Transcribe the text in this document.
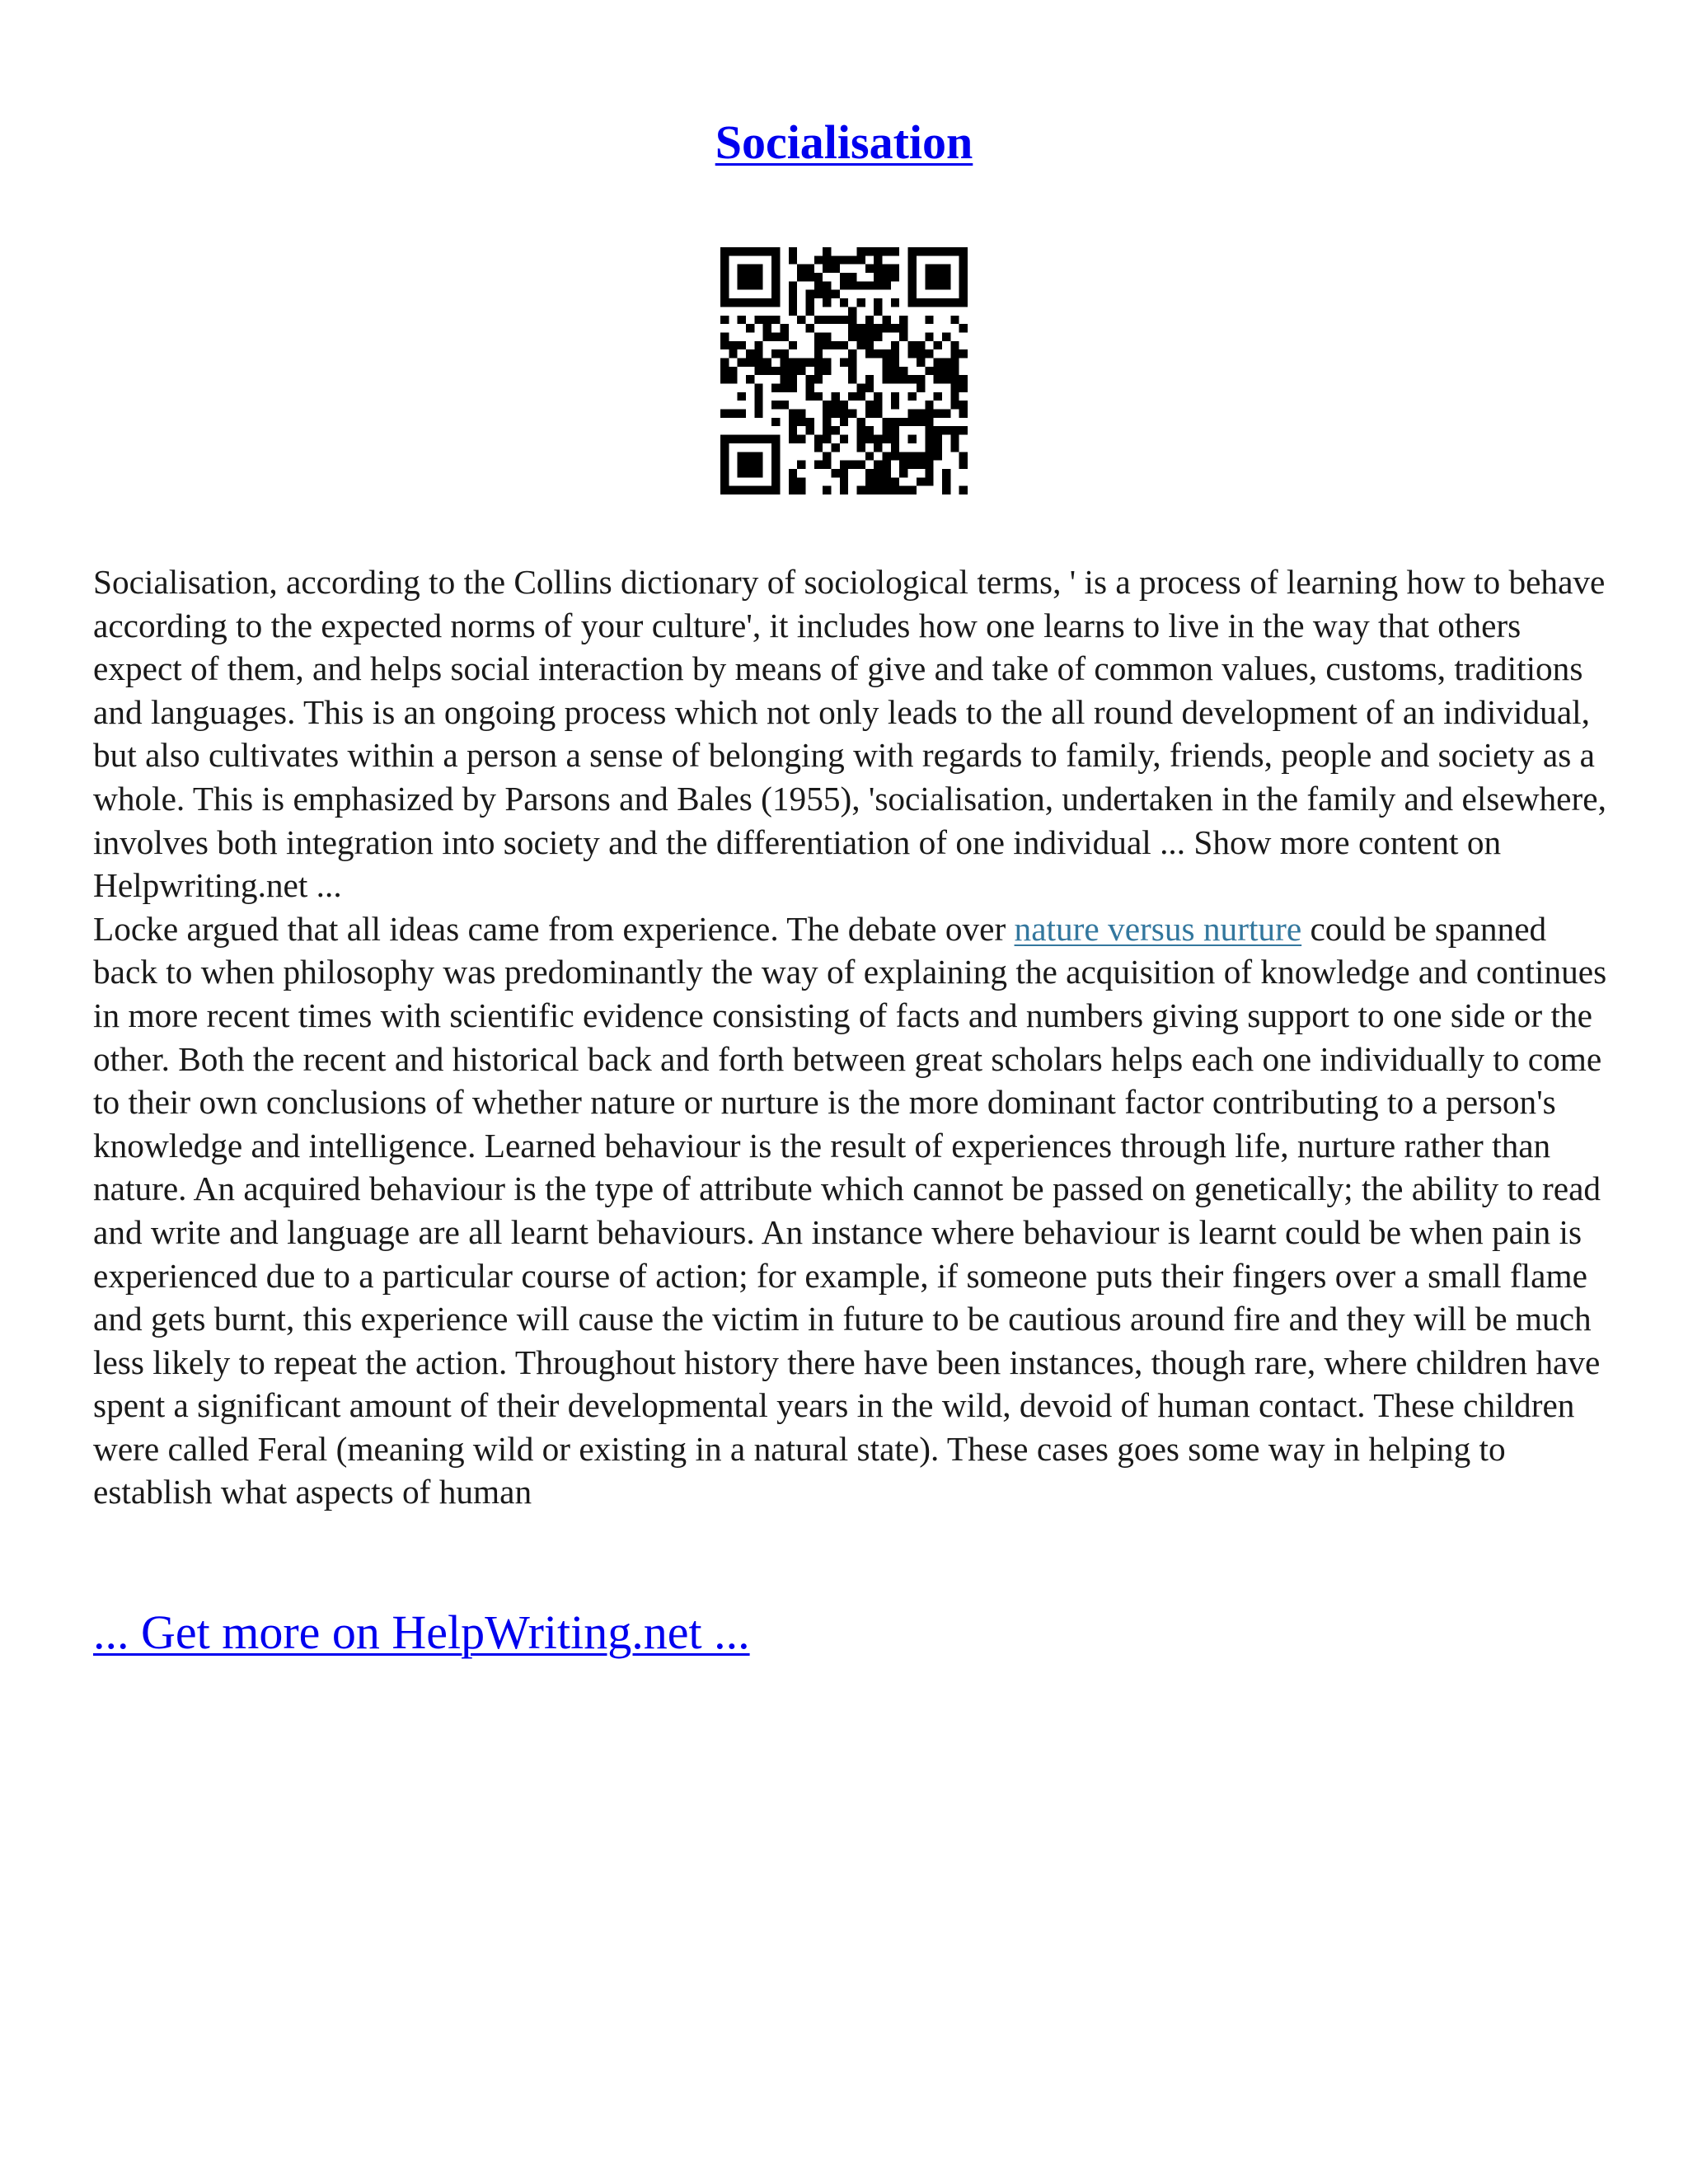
Socialisation

Socialisation, according to the Collins dictionary of sociological terms, ' is a process of learning how to behave according to the expected norms of your culture', it includes how one learns to live in the way that others expect of them, and helps social interaction by means of give and take of common values, customs, traditions and languages. This is an ongoing process which not only leads to the all round development of an individual, but also cultivates within a person a sense of belonging with regards to family, friends, people and society as a whole. This is emphasized by Parsons and Bales (1955), 'socialisation, undertaken in the family and elsewhere, involves both integration into society and the differentiation of one individual ... Show more content on Helpwriting.net ...

Locke argued that all ideas came from experience. The debate over nature versus nurture could be spanned back to when philosophy was predominantly the way of explaining the acquisition of knowledge and continues in more recent times with scientific evidence consisting of facts and numbers giving support to one side or the other. Both the recent and historical back and forth between great scholars helps each one individually to come to their own conclusions of whether nature or nurture is the more dominant factor contributing to a person's knowledge and intelligence. Learned behaviour is the result of experiences through life, nurture rather than nature. An acquired behaviour is the type of attribute which cannot be passed on genetically; the ability to read and write and language are all learnt behaviours. An instance where behaviour is learnt could be when pain is experienced due to a particular course of action; for example, if someone puts their fingers over a small flame and gets burnt, this experience will cause the victim in future to be cautious around fire and they will be much less likely to repeat the action. Throughout history there have been instances, though rare, where children have spent a significant amount of their developmental years in the wild, devoid of human contact. These children were called Feral (meaning wild or existing in a natural state). These cases goes some way in helping to establish what aspects of human

... Get more on HelpWriting.net ...
